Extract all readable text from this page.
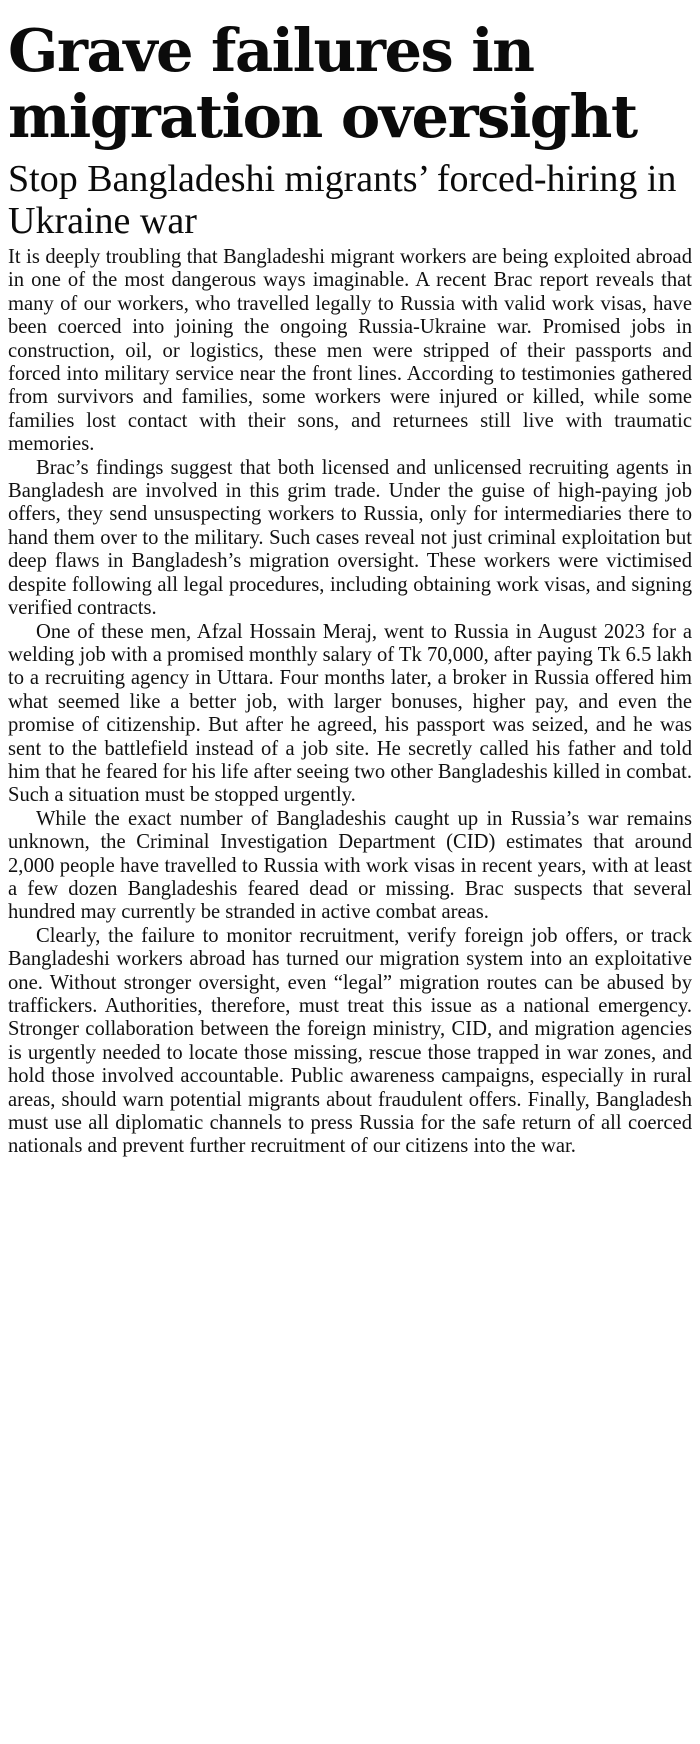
Grave failures in migration oversight
Stop Bangladeshi migrants’ forced-hiring in Ukraine war

It is deeply troubling that Bangladeshi migrant workers are being exploited abroad in one of the most dangerous ways imaginable. A recent Brac report reveals that many of our workers, who travelled legally to Russia with valid work visas, have been coerced into joining the ongoing Russia-Ukraine war. Promised jobs in construction, oil, or logistics, these men were stripped of their passports and forced into military service near the front lines. According to testimonies gathered from survivors and families, some workers were injured or killed, while some families lost contact with their sons, and returnees still live with traumatic memories.

Brac’s findings suggest that both licensed and unlicensed recruiting agents in Bangladesh are involved in this grim trade. Under the guise of high-paying job offers, they send unsuspecting workers to Russia, only for intermediaries there to hand them over to the military. Such cases reveal not just criminal exploitation but deep flaws in Bangladesh’s migration oversight. These workers were victimised despite following all legal procedures, including obtaining work visas, and signing verified contracts.

One of these men, Afzal Hossain Meraj, went to Russia in August 2023 for a welding job with a promised monthly salary of Tk 70,000, after paying Tk 6.5 lakh to a recruiting agency in Uttara. Four months later, a broker in Russia offered him what seemed like a better job, with larger bonuses, higher pay, and even the promise of citizenship. But after he agreed, his passport was seized, and he was sent to the battlefield instead of a job site. He secretly called his father and told him that he feared for his life after seeing two other Bangladeshis killed in combat. Such a situation must be stopped urgently.

While the exact number of Bangladeshis caught up in Russia’s war remains unknown, the Criminal Investigation Department (CID) estimates that around 2,000 people have travelled to Russia with work visas in recent years, with at least a few dozen Bangladeshis feared dead or missing. Brac suspects that several hundred may currently be stranded in active combat areas.

Clearly, the failure to monitor recruitment, verify foreign job offers, or track Bangladeshi workers abroad has turned our migration system into an exploitative one. Without stronger oversight, even “legal” migration routes can be abused by traffickers. Authorities, therefore, must treat this issue as a national emergency. Stronger collaboration between the foreign ministry, CID, and migration agencies is urgently needed to locate those missing, rescue those trapped in war zones, and hold those involved accountable. Public awareness campaigns, especially in rural areas, should warn potential migrants about fraudulent offers. Finally, Bangladesh must use all diplomatic channels to press Russia for the safe return of all coerced nationals and prevent further recruitment of our citizens into the war.
